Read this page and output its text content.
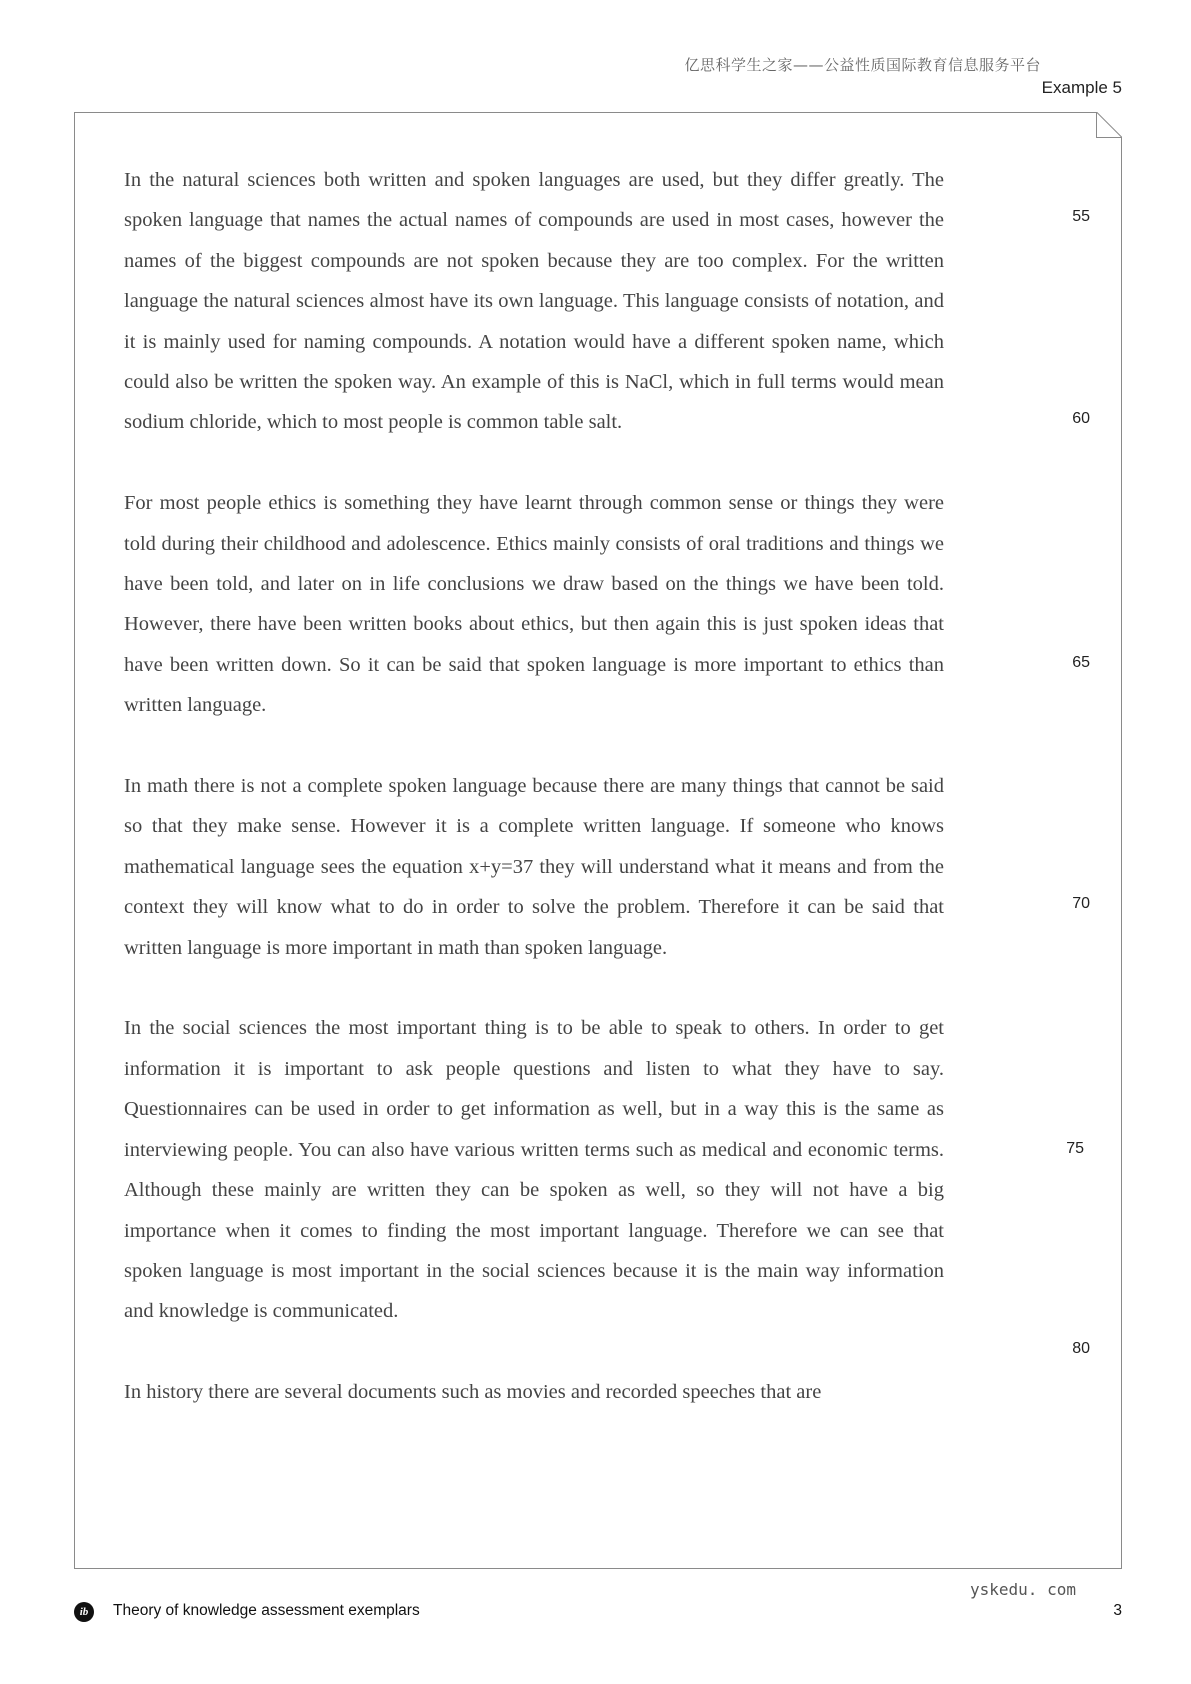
亿思科学生之家——公益性质国际教育信息服务平台
Example 5

In the natural sciences both written and spoken languages are used, but they differ greatly. The spoken language that names the actual names of compounds are used in most cases, however the names of the biggest compounds are not spoken because they are too complex. For the written language the natural sciences almost have its own language. This language consists of notation, and it is mainly used for naming compounds. A notation would have a different spoken name, which could also be written the spoken way. An example of this is NaCl, which in full terms would mean sodium chloride, which to most people is common table salt.

For most people ethics is something they have learnt through common sense or things they were told during their childhood and adolescence. Ethics mainly consists of oral traditions and things we have been told, and later on in life conclusions we draw based on the things we have been told. However, there have been written books about ethics, but then again this is just spoken ideas that have been written down. So it can be said that spoken language is more important to ethics than written language.

In math there is not a complete spoken language because there are many things that cannot be said so that they make sense. However it is a complete written language. If someone who knows mathematical language sees the equation x+y=37 they will understand what it means and from the context they will know what to do in order to solve the problem. Therefore it can be said that written language is more important in math than spoken language.

In the social sciences the most important thing is to be able to speak to others. In order to get information it is important to ask people questions and listen to what they have to say. Questionnaires can be used in order to get information as well, but in a way this is the same as interviewing people. You can also have various written terms such as medical and economic terms. Although these mainly are written they can be spoken as well, so they will not have a big importance when it comes to finding the most important language. Therefore we can see that spoken language is most important in the social sciences because it is the main way information and knowledge is communicated.

In history there are several documents such as movies and recorded speeches that are

55
60
65
70
75
80
ib	Theory of knowledge assessment exemplars
yskedu. com
3
